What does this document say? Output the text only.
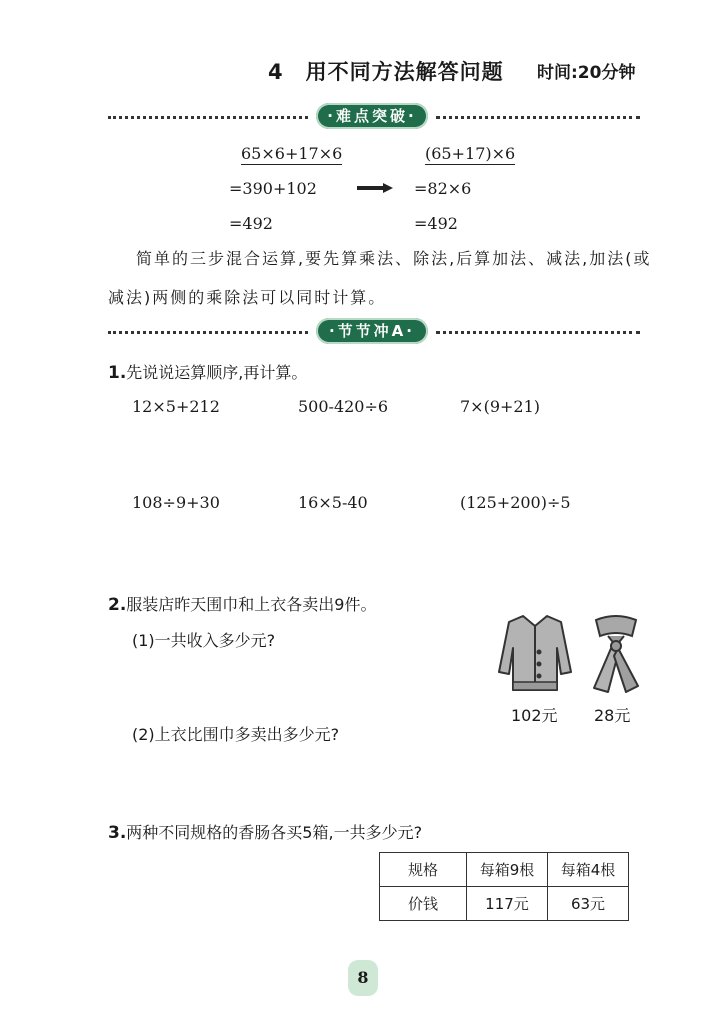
4　用不同方法解答问题 时间:20分钟
·难点突破·
65×6+17×6
=390+102
=492
(65+17)×6
=82×6
=492
简单的三步混合运算,要先算乘法、除法,后算加法、减法,加法(或
减法)两侧的乘除法可以同时计算。
·节节冲A·
1.先说说运算顺序,再计算。
12×5+212	500-420÷6	7×(9+21)
108÷9+30	16×5-40	(125+200)÷5
2.服装店昨天围巾和上衣各卖出9件。
(1)一共收入多少元?
(2)上衣比围巾多卖出多少元?
102元 28元
3.两种不同规格的香肠各买5箱,一共多少元?
规格	每箱9根	每箱4根
价钱	117元	63元
8
